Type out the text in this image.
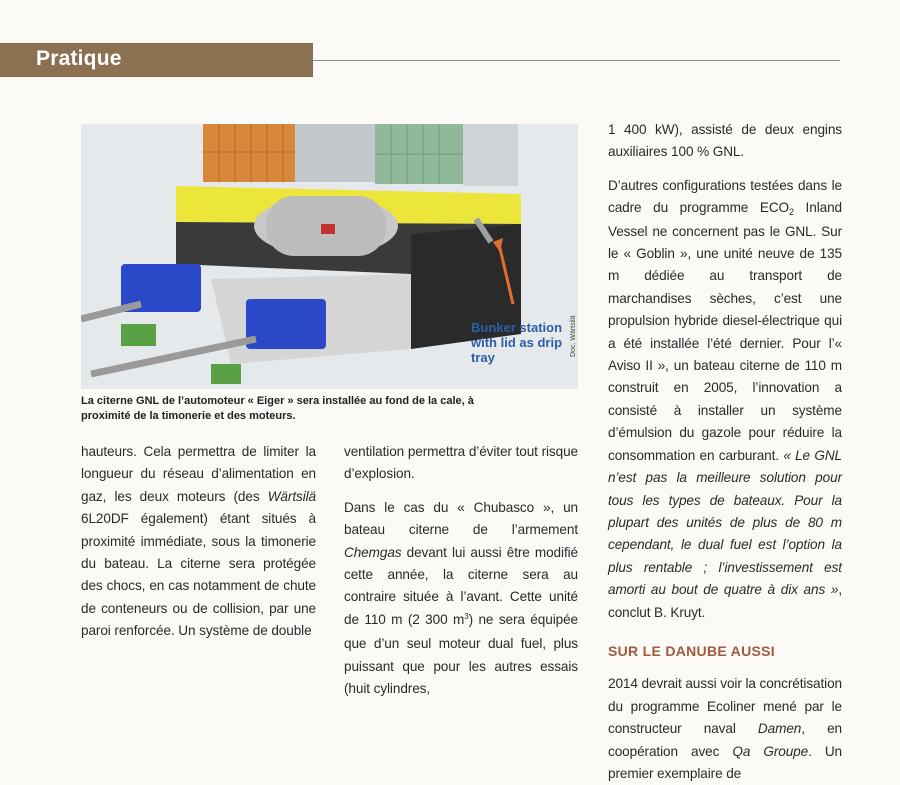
Pratique
Bunker station
with lid as drip
tray
Doc. Wärtsilä
La citerne GNL de l’automoteur « Eiger » sera installée au fond de la cale, à proximité de la timonerie et des moteurs.

hauteurs. Cela permettra de limiter la longueur du réseau d’alimentation en gaz, les deux moteurs (des Wärtsilä 6L20DF également) étant situés à proximité immédiate, sous la timonerie du bateau. La citerne sera protégée des chocs, en cas notamment de chute de conteneurs ou de collision, par une paroi renforcée. Un système de double

ventilation permettra d’éviter tout risque d’explosion.

Dans le cas du « Chubasco », un bateau citerne de l’armement Chemgas devant lui aussi être modifié cette année, la citerne sera au contraire située à l’avant. Cette unité de 110 m (2 300 $m^3$) ne sera équipée que d’un seul moteur dual fuel, plus puissant que pour les autres essais (huit cylindres,

1 400 kW), assisté de deux engins auxiliaires 100 % GNL.

D’autres configurations testées dans le cadre du programme $ECO_2$ Inland Vessel ne concernent pas le GNL. Sur le « Goblin », une unité neuve de 135 m dédiée au transport de marchandises sèches, c’est une propulsion hybride diesel-électrique qui a été installée l’été dernier. Pour l’« Aviso II », un bateau citerne de 110 m construit en 2005, l’innovation a consisté à installer un système d’émulsion du gazole pour réduire la consommation en carburant. « Le GNL n’est pas la meilleure solution pour tous les types de bateaux. Pour la plupart des unités de plus de 80 m cependant, le dual fuel est l’option la plus rentable ; l’investissement est amorti au bout de quatre à dix ans », conclut B. Kruyt.

SUR LE DANUBE AUSSI

2014 devrait aussi voir la concrétisation du programme Ecoliner mené par le constructeur naval Damen, en coopération avec Qa Groupe. Un premier exemplaire de
